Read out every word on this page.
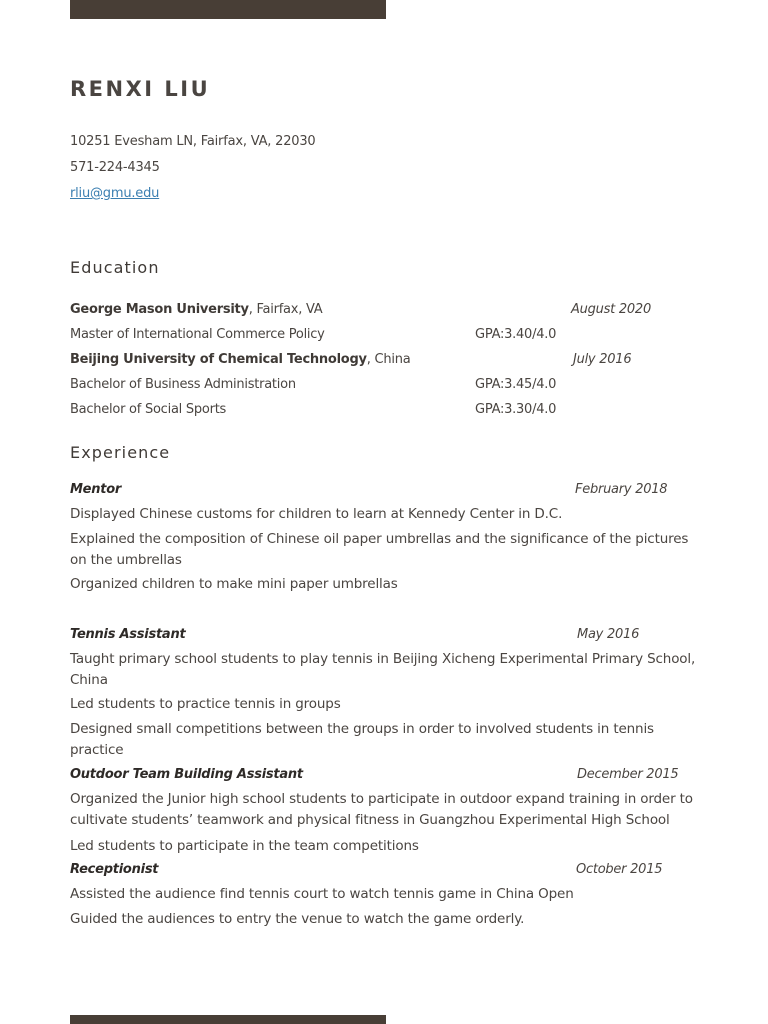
RENXI LIU
10251 Evesham LN, Fairfax, VA, 22030
571-224-4345
rliu@gmu.edu
Education
George Mason University, Fairfax, VA	August 2020
Master of International Commerce Policy	GPA:3.40/4.0
Beijing University of Chemical Technology, China	July 2016
Bachelor of Business Administration	GPA:3.45/4.0
Bachelor of Social Sports	GPA:3.30/4.0
Experience
Mentor	February 2018
Displayed Chinese customs for children to learn at Kennedy Center in D.C.
Explained the composition of Chinese oil paper umbrellas and the significance of the pictures on the umbrellas
Organized children to make mini paper umbrellas
Tennis Assistant	May 2016
Taught primary school students to play tennis in Beijing Xicheng Experimental Primary School, China
Led students to practice tennis in groups
Designed small competitions between the groups in order to involved students in tennis practice
Outdoor Team Building Assistant	December 2015
Organized the Junior high school students to participate in outdoor expand training in order to cultivate students’ teamwork and physical fitness in Guangzhou Experimental High School
Led students to participate in the team competitions
Receptionist	October 2015
Assisted the audience find tennis court to watch tennis game in China Open
Guided the audiences to entry the venue to watch the game orderly.
